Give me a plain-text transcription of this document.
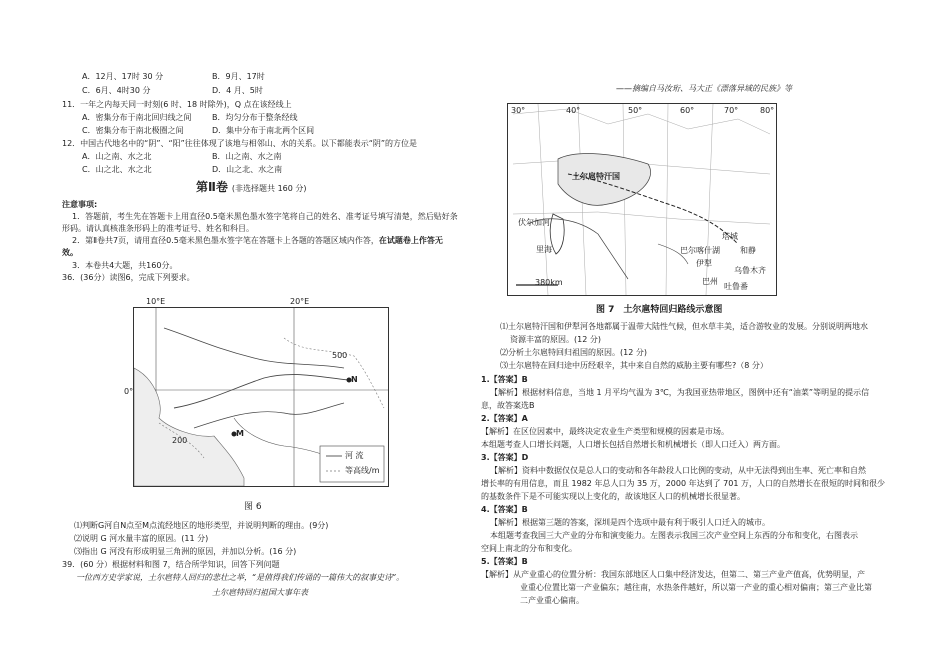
A．12月、17时 30 分	B．9月、17时
C．6月、4时30 分	D．4 月、5时
11．一年之内每天同一时刻(6 时、18 时除外)，Q 点在该经线上
A．密集分布于南北回归线之间	B．均匀分布于整条经线
C．密集分布于南北极圈之间	D．集中分布于南北两个区间
12．中国古代地名中的“阴”、“阳”往往体现了该地与相邻山、水的关系。以下都能表示“阴”的方位是
A．山之南、水之北	B．山之南、水之南
C．山之北、水之北	D．山之北、水之南
第Ⅱ卷 (非选择题共 160 分)
注意事项:
1．答题前，考生先在答题卡上用直径0.5毫米黑色墨水签字笔将自己的姓名、准考证号填写清楚，然后贴好条
形码。请认真核准条形码上的准考证号、姓名和科目。
2．第Ⅱ卷共7页，请用直径0.5毫米黑色墨水签字笔在答题卡上各题的答题区域内作答，在试题卷上作答无
效。
3．本卷共4大题，共160分。
36．(36分）读图6，完成下列要求。
10°E	20°E
0°
500
200
N
M
河 流
等高线/m
图 6
⑴判断G河自N点至M点流经地区的地形类型，并说明判断的理由。(9分)
⑵说明 G 河水量丰富的原因。(11 分)
⑶指出 G 河没有形成明显三角洲的原因，并加以分析。(16 分)
39．(60 分）根据材料和图 7，结合所学知识，回答下列问题
一位西方史学家说，土尔扈特人回归的悲壮之举，“是值得我们传诵的一篇伟大的叙事史诗”。
土尔扈特回归祖国大事年表
——摘编自马汝珩、马大正《漂落异域的民族》等
30°	40°	50°	60°	70°	80°
土尔扈特汗国
伏尔加河
里海	巴尔喀什湖
伊犁
塔城
乌鲁木齐
巴州
和静
吐鲁番
380km
图 7　土尔扈特回归路线示意图
⑴土尔扈特汗国和伊犁河各地都属于温带大陆性气候，但水草丰美，适合游牧业的发展。分别说明两地水
资源丰富的原因。(12 分)
⑵分析土尔扈特回归祖国的原因。(12 分)
⑶土尔扈特在回归途中历经艰辛，其中来自自然的威胁主要有哪些?（8 分）
1.【答案】B
【解析】根据材料信息，当地 1 月平均气温为 3℃，为我国亚热带地区，图例中还有“油菜”等明显的提示信
息，故答案选B
2.【答案】A
【解析】在区位因素中，最终决定农业生产类型和规模的因素是市场。
本组题考查人口增长问题，人口增长包括自然增长和机械增长（即人口迁入）两方面。
3.【答案】D
【解析】资料中数据仅仅是总人口的变动和各年龄段人口比例的变动，从中无法得到出生率、死亡率和自然
增长率的有用信息，而且 1982 年总人口为 35 万，2000 年达到了 701 万，人口的自然增长在很短的时间和很少
的基数条件下是不可能实现以上变化的，故该地区人口的机械增长很显著。
4.【答案】B
【解析】根据第三题的答案，深圳是四个选项中最有利于吸引人口迁入的城市。
本组题考查我国三大产业的分布和演变能力。左图表示我国三次产业空间上东西的分布和变化，右图表示
空间上南北的分布和变化。
5.【答案】B
【解析】从产业重心的位置分析：我国东部地区人口集中经济发达，但第二、第三产业产值高，优势明显，产
业重心位置比第一产业偏东；越往南，水热条件越好，所以第一产业的重心相对偏南；第三产业比第
二产业重心偏南。
